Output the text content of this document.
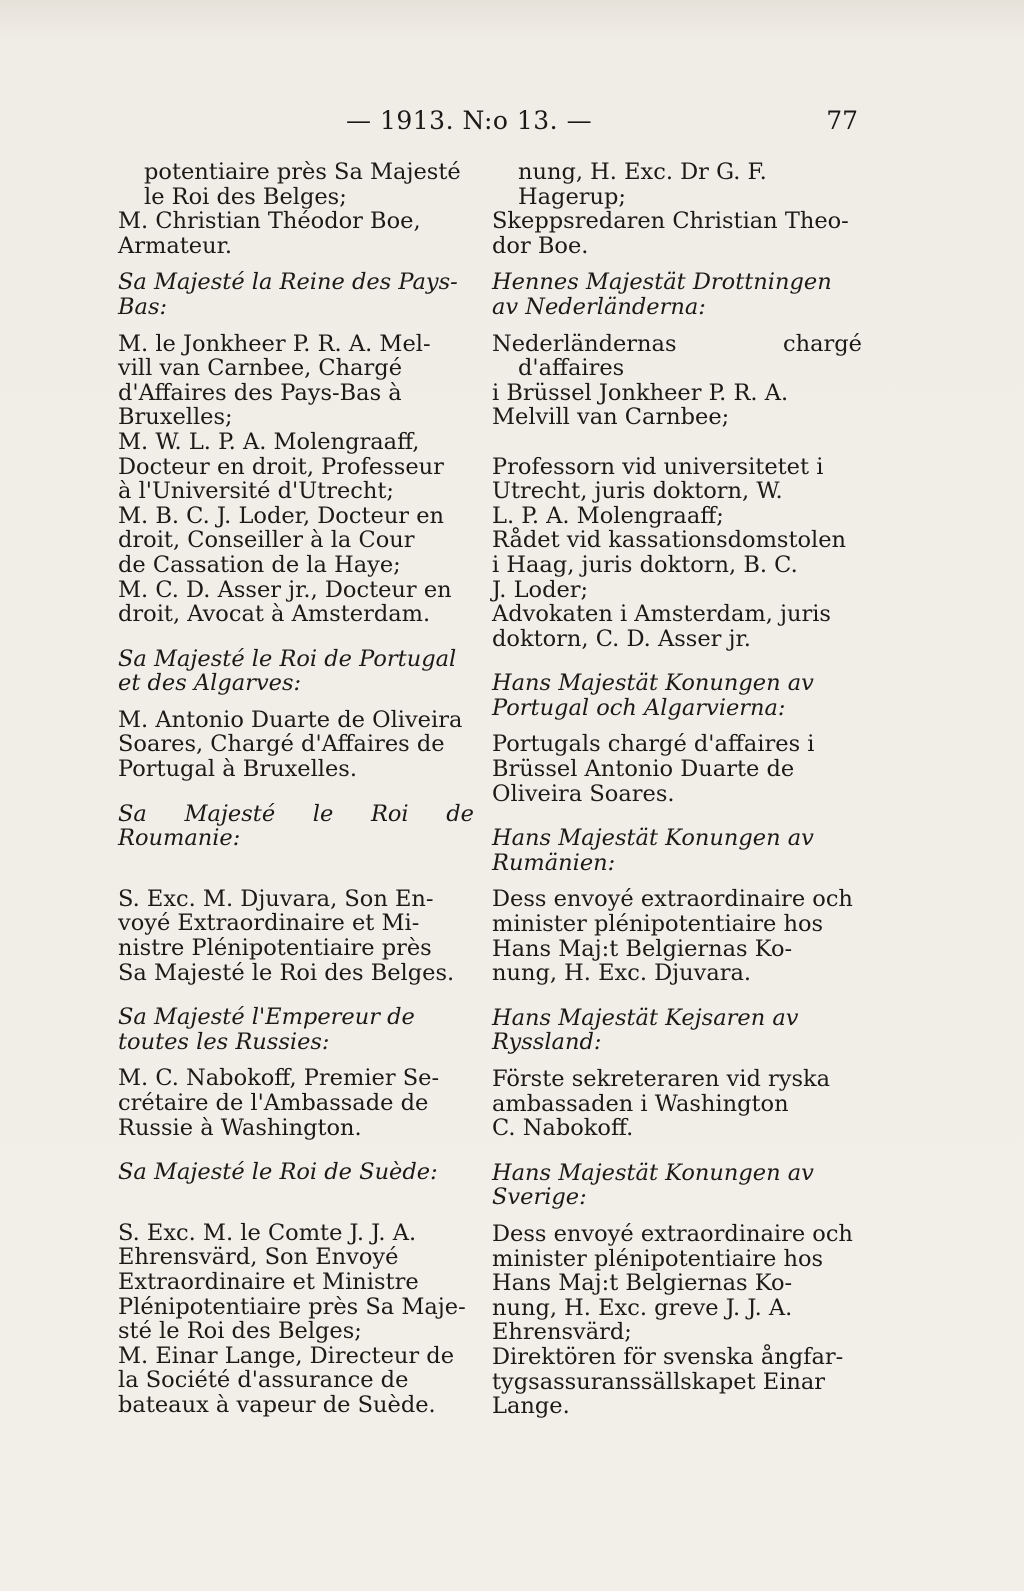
— 1913. N:o 13. —	77

potentiaire près Sa Majesté
le Roi des Belges;

M. Christian Théodor Boe,
Armateur.

Sa Majesté la Reine des Pays-
Bas:

M. le Jonkheer P. R. A. Mel-
vill van Carnbee, Chargé
d'Affaires des Pays-Bas à
Bruxelles;

M. W. L. P. A. Molengraaff,
Docteur en droit, Professeur
à l'Université d'Utrecht;

M. B. C. J. Loder, Docteur en
droit, Conseiller à la Cour
de Cassation de la Haye;

M. C. D. Asser jr., Docteur en
droit, Avocat à Amsterdam.

Sa Majesté le Roi de Portugal
et des Algarves:

M. Antonio Duarte de Oliveira
Soares, Chargé d'Affaires de
Portugal à Bruxelles.

Sa Majesté le Roi de Roumanie:

S. Exc. M. Djuvara, Son En-
voyé Extraordinaire et Mi-
nistre Plénipotentiaire près
Sa Majesté le Roi des Belges.

Sa Majesté l'Empereur de
toutes les Russies:

M. C. Nabokoff, Premier Se-
crétaire de l'Ambassade de
Russie à Washington.

Sa Majesté le Roi de Suède:

S. Exc. M. le Comte J. J. A.
Ehrensvärd, Son Envoyé
Extraordinaire et Ministre
Plénipotentiaire près Sa Maje-
sté le Roi des Belges;

M. Einar Lange, Directeur de
la Société d'assurance de
bateaux à vapeur de Suède.

nung, H. Exc. Dr G. F.
Hagerup;

Skeppsredaren Christian Theo-
dor Boe.

Hennes Majestät Drottningen
av Nederländerna:

Nederländernas chargé d'affaires
i Brüssel Jonkheer P. R. A.
Melvill van Carnbee;

Professorn vid universitetet i
Utrecht, juris doktorn, W.
L. P. A. Molengraaff;

Rådet vid kassationsdomstolen
i Haag, juris doktorn, B. C.
J. Loder;

Advokaten i Amsterdam, juris
doktorn, C. D. Asser jr.

Hans Majestät Konungen av
Portugal och Algarvierna:

Portugals chargé d'affaires i
Brüssel Antonio Duarte de
Oliveira Soares.

Hans Majestät Konungen av
Rumänien:

Dess envoyé extraordinaire och
minister plénipotentiaire hos
Hans Maj:t Belgiernas Ko-
nung, H. Exc. Djuvara.

Hans Majestät Kejsaren av
Ryssland:

Förste sekreteraren vid ryska
ambassaden i Washington
C. Nabokoff.

Hans Majestät Konungen av
Sverige:

Dess envoyé extraordinaire och
minister plénipotentiaire hos
Hans Maj:t Belgiernas Ko-
nung, H. Exc. greve J. J. A.
Ehrensvärd;

Direktören för svenska ångfar-
tygsassuranssällskapet Einar
Lange.
